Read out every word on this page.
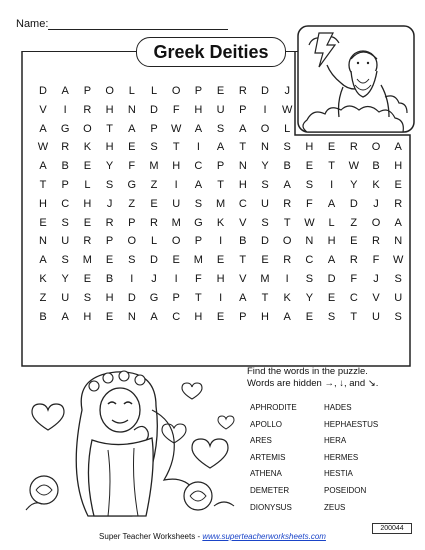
Name:
D	A	P	O	L	L	O	P	E	R	D	J
V	I	R	H	N	D	F	H	U	P	I	W
A	G	O	T	A	P	W	A	S	A	O	L
W	R	K	H	E	S	T	I	A	T	N	S	H	E	R	O	A
A	B	E	Y	F	M	H	C	P	N	Y	B	E	T	W	B	H
T	P	L	S	G	Z	I	A	T	H	S	A	S	I	Y	K	E
H	C	H	J	Z	E	U	S	M	C	U	R	F	A	D	J	R
E	S	E	R	P	R	M	G	K	V	S	T	W	L	Z	O	A
N	U	R	P	O	L	O	P	I	B	D	O	N	H	E	R	N
A	S	M	E	S	D	E	M	E	T	E	R	C	A	R	F	W
K	Y	E	B	I	J	I	F	H	V	M	I	S	D	F	J	S
Z	U	S	H	D	G	P	T	I	A	T	K	Y	E	C	V	U
B	A	H	E	N	A	C	H	E	P	H	A	E	S	T	U	S
Greek Deities
Find the words in the puzzle.
Words are hidden →, ↓, and ↘.
APHRODITE
APOLLO
ARES
ARTEMIS
ATHENA
DEMETER
DIONYSUS
HADES
HEPHAESTUS
HERA
HERMES
HESTIA
POSEIDON
ZEUS
200044
Super Teacher Worksheets - www.superteacherworksheets.com
